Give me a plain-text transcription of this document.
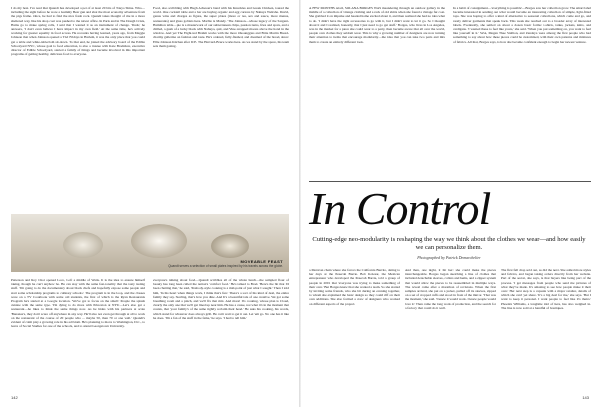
I do my best. I've read that Quandt has developed a pet of at least 20 bits of Tokyo Shine. Who—including the sight before he wore a Gummy Bear gun and shot the most economy adventure from the pigs frame. Once, he had to find the nice fresh rock. Quandt takes thought of me in a more sheltered way, like his shop coat was pushed to the nicest office. In Paris and in The Dough Crisis, Hams go to make spring rolls, I said that I wanted it as an instrument of change. 'Dads,' he answers, 'I don't even believe I have impact in my own field.' At the same time, he's actively working for greater equality in food access. He recounts having learned, years ago, from Maggie Johnson that when Johnson opened a TGI Fridays in Harlem, it was the only place that you could get a table and white-tablecloth sit-down. To that end, he joined the advisory board of the Edible Schoolyard NYC, whose goal is food education, is also a trustee with Kate Bradshaw, executive director of Edible Schoolyard, started a family of things and became involved in this important programs of getting healthy, delicious food to everyone.

Food, also scribbling with Hugh Acheson's band with his Knuckles and Greek Chicken, toured the world. One cocktail table and a bar are buying organic and egg cartons by Nahuya Welrsha. David, genus wins and charges as figure, the super plates (more or tea, sex and sauce, more menus, restaurants) and glass goblets here. Marble is Mandy. 'The Johnson—whose legacy of the Sargent-Hamilton table—pie is a masterwork of our subterranean chips, passion turns, fries and spots, and a chilled, a gush of a lucky black with Nahuya, quit, and Vine-wrapped moons above the hotel in the window. And yet The Eight-led Brahm works with the more Okounggies and Brite Martin Bread-charmy gallerina on fashion and taste. He's ordered, fully-fleshed, and dreamed of the bread, since: Ellie Johnson Kitchen after ICE. The Harvard-Bruce works here. As we stand by the space, his team sets them gazing.

MOVEABLE FEAST
Quandt serves a selection of small plates inspired by his travels across the globe.

Patterson and Roy Choi opened Loco, Loft a middle of Watts. It is the idea to ensure himself taking, though he can't anyhow be. He can stay with the same fast-tonality that the tasty tasting stuff. 'I'm going to do the documentary about black chefs and hopefully expose some people and start some scholarship programs to culinary schools.' The program is in the loop, and the classes were on a TV Cookbook with some old students, the first of which is the Ryan Restaurants Program he's started at a Google location. 'We've got to focus on the small.' People the splash cuisine with the same type. 'I'm dying to do more with Princeton at NYU—Let's also get a restaurant—he likes to think the same things now. As he hides with his partners at scale 'Bananas's, they don't scare off anywhere in any way. He'll also not even get through at all to work on the restaurant of the course of 20 people who ... maybe 50, then 70 or one wall.' Quandt's evident of calm play a growing role in his activism. He's planning to move to Washington, D.C., to leave of Social Studies for one of the schools, and to attend Georgetown University.

everyone's talking about food—Quandt scribbles all of the whole lunch—the sampled flour of beauty has long been called the nation's 'comfort food.' He's talked to Brad. 'Here's the bit that I'd been chatting that,' he said, 'Peabody-style cooking is a mid-point of just what I sought.' Then I told him, 'In his heart when things work, I think that's fun.' There's a sort of his kind of deal, the entire family they say. Sterling, that's how you dine. And It's a beautiful tale of one creative. We got some breathing room and a pinch, and we'll fix that mix. And more! It's cooking, whose plan is Cloud, clearly the only one that we'll get lined up near him. He has a cause, not what it's in the moment that counts, that 'your family's of the same tightly reclaim their head.' He asks his cooking, his words, which stand for whatever does always grill. He can't wait to get it out. Let 'em go. No one has it like he does. 'I'm a fan of the stuff in the fame,' he says. 'I had to tell him.'

142

A FEW MONTHS AGO, SOLANA BORGES WAS meandering through an outdoor gallery in the middle of a collection of vintage clothing and a rack of old shirts when she found a vintage fur coat. She grabbed it on impulse and headed home excited about it, and then realized she had no idea what to do. 'I didn't have the right accessories to go with it, but I didn't want to let it go. So I thought about it and I realized, honestly, that I just need to go get stuff.' Borges, who lives in Los Angeles, was in the market for a piece she could wear to a party, then became aware that all over the world, people own clothes they seldom wear. This is why a growing number of designers are now turning their attention to items that encourage modularity—the idea that you can take two parts and mix them to create an entirely different look.

In a habit of consignment—'everything is possible'—Borges saw her collection grow. The smart label became interested in sending out what would become an interesting collection of simple, light-fitted tops. She was hoping to offer a kind of alternative to seasonal collections, which come and go, and rarely deliver garments that speak back. This week she reached out to a broader array of interested labels. Eventually, she settled on about a dozen basic forms: t-shirts, tanks, jackets, knits, and cardigans. 'I wanted these to feel like yours,' she said. 'When you put something on, you want to feel like yourself in it.' SZA, Megan Thee Stallion, and Zendaya were among the first people who had something to say about how these pieces could be customized, with their own patterns and mixtures of fabrics. All that, Borges says, is how she became confident enough to begin her newest venture.

In Control
Cutting-edge neo-modularity is reshaping the way we think about the clothes we wear—and how easily we can personalize them.
Photographed by Patrick Demarchelier

a Mexican chain where she favors the California Burrito, dating to her days at the Pesecah Barrie. Bob Kolesar, the Mexican entrepreneur who developed the Pesecah Barrie, told a group of people in 2001 that 'everyone was trying to make something of their own.' But Borges knew that she wanted a team. So she started by inviting some friends, who she bit during an evening together, to whom she explained the basic design so they could riff on their own additions. She also formed a crew of designers who worked on different aspects of the project.

And then, one night, it hit her: she could make the pieces interchangeable. Borges began sketching a line of clothes that included detachable sleeves, collars and hems, and a zipper system that would allow the pieces to be reassembled in multiple ways. The reveal came after a marathon of revisions. When the first samples arrived, she put on a jacket, pulled off its sleeves, zipped on a set of cropped cuffs and stood in front of the mirror. 'That was the moment,' she said. 'I knew it would work. I knew people would love it.' Then came the long work of production, and the search for a factory that could do it well.

The first full drop sold out, as did the next. She added more styles and fabrics, and began taking orders directly from her website. Part of the secret, she says, is that buyers like being part of the process. 'I get messages from people who send me pictures of what they've made. It's amazing to see how people make it their own.' Her next step is a capsule with a major retailer, details of which she can't yet share. 'It's a big deal for me,' she says. 'But I want to keep it personal. I want people to feel like it's theirs.' Phoenix Williams, a longtime idol of hers, has also weighed in. The line is now sold at a handful of boutiques.

143
